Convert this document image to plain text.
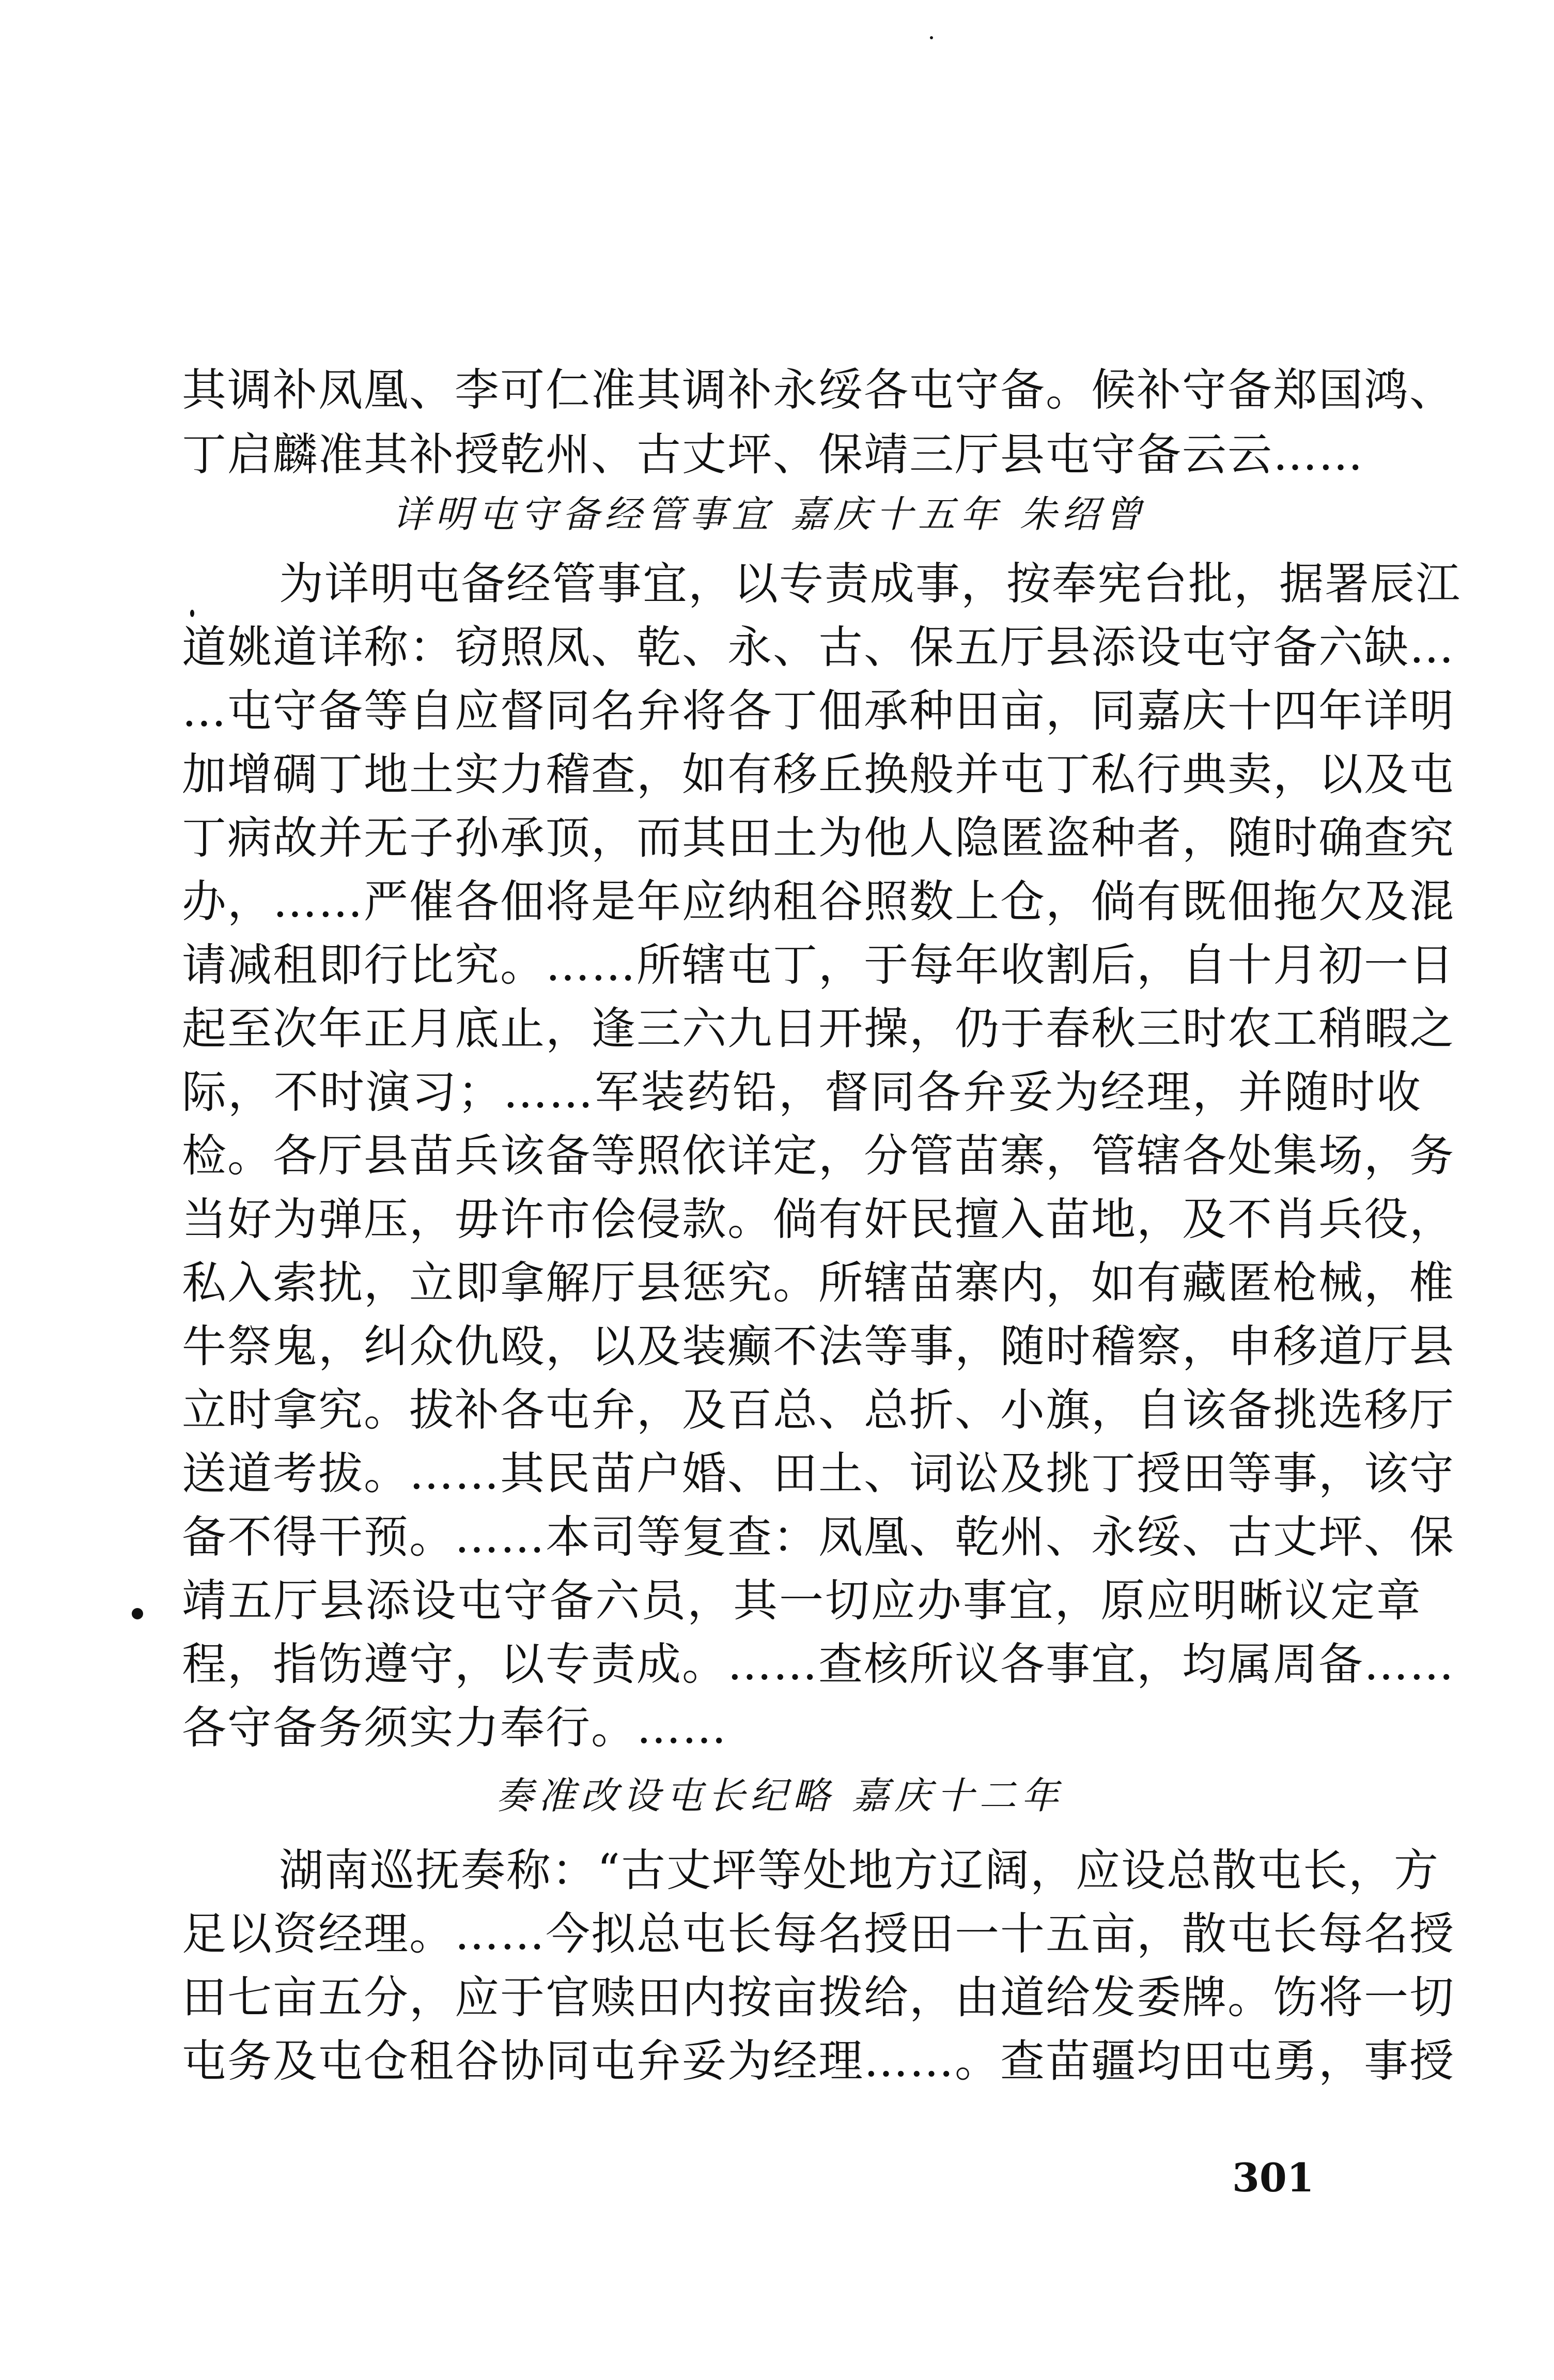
其调补凤凰、李可仁准其调补永绥各屯守备。候补守备郑国鸿、
丁启麟准其补授乾州、古丈坪、保靖三厅县屯守备云云……
详明屯守备经管事宜 嘉庆十五年 朱绍曾
为详明屯备经管事宜，以专责成事，按奉宪台批，据署辰江
道姚道详称：窃照凤、乾、永、古、保五厅县添设屯守备六缺…
…屯守备等自应督同名弁将各丁佃承种田亩，同嘉庆十四年详明
加增碉丁地土实力稽查，如有移丘换般并屯丁私行典卖，以及屯
丁病故并无子孙承顶，而其田土为他人隐匿盗种者，随时确查究
办，……严催各佃将是年应纳租谷照数上仓，倘有既佃拖欠及混
请减租即行比究。……所辖屯丁，于每年收割后，自十月初一日
起至次年正月底止，逢三六九日开操，仍于春秋三时农工稍暇之
际，不时演习；……军装药铅，督同各弁妥为经理，并随时收
检。各厅县苗兵该备等照依详定，分管苗寨，管辖各处集场，务
当好为弹压，毋许市侩侵款。倘有奸民擅入苗地，及不肖兵役，
私入索扰，立即拿解厅县惩究。所辖苗寨内，如有藏匿枪械，椎
牛祭鬼，纠众仇殴，以及装癫不法等事，随时稽察，申移道厅县
立时拿究。拔补各屯弁，及百总、总折、小旗，自该备挑选移厅
送道考拔。……其民苗户婚、田土、词讼及挑丁授田等事，该守
备不得干预。……本司等复查：凤凰、乾州、永绥、古丈坪、保
靖五厅县添设屯守备六员，其一切应办事宜，原应明晰议定章
程，指饬遵守，以专责成。……查核所议各事宜，均属周备……
各守备务须实力奉行。……
奏准改设屯长纪略 嘉庆十二年
湖南巡抚奏称：“古丈坪等处地方辽阔，应设总散屯长，方
足以资经理。……今拟总屯长每名授田一十五亩，散屯长每名授
田七亩五分，应于官赎田内按亩拨给，由道给发委牌。饬将一切
屯务及屯仓租谷协同屯弁妥为经理……。查苗疆均田屯勇，事授
301
